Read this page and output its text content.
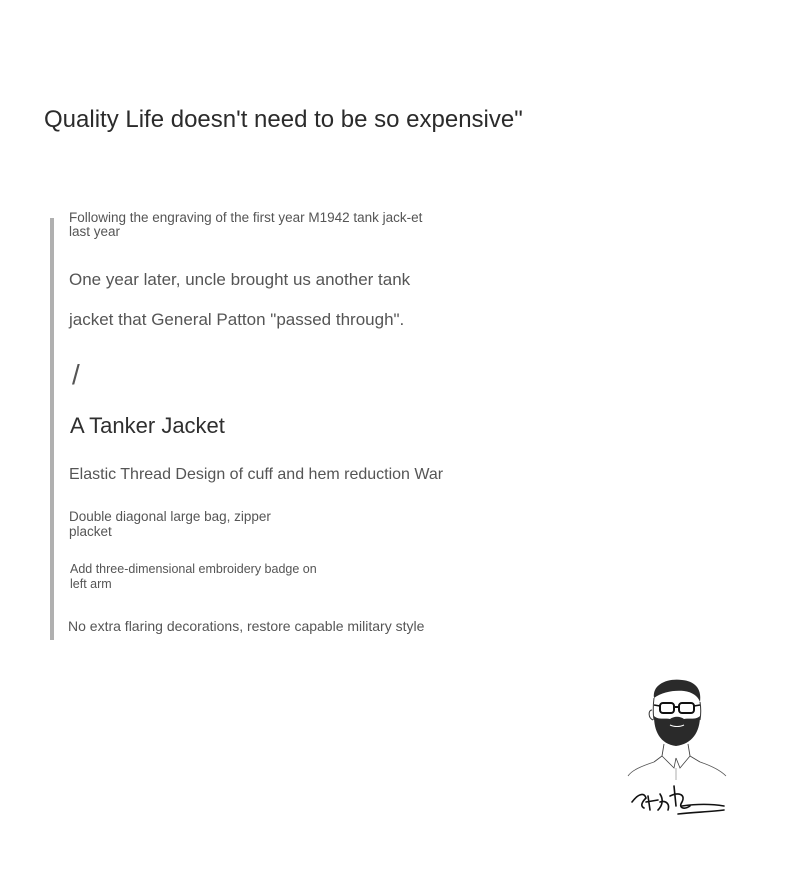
Quality Life doesn't need to be so expensive"
Following the engraving of the first year M1942 tank jack-et last year
One year later, uncle brought us another tank
jacket that General Patton "passed through".
/
A Tanker Jacket
Elastic Thread Design of cuff and hem reduction War
Double diagonal large bag, zipper placket
Add three-dimensional embroidery badge on left arm
No extra flaring decorations, restore capable military style
